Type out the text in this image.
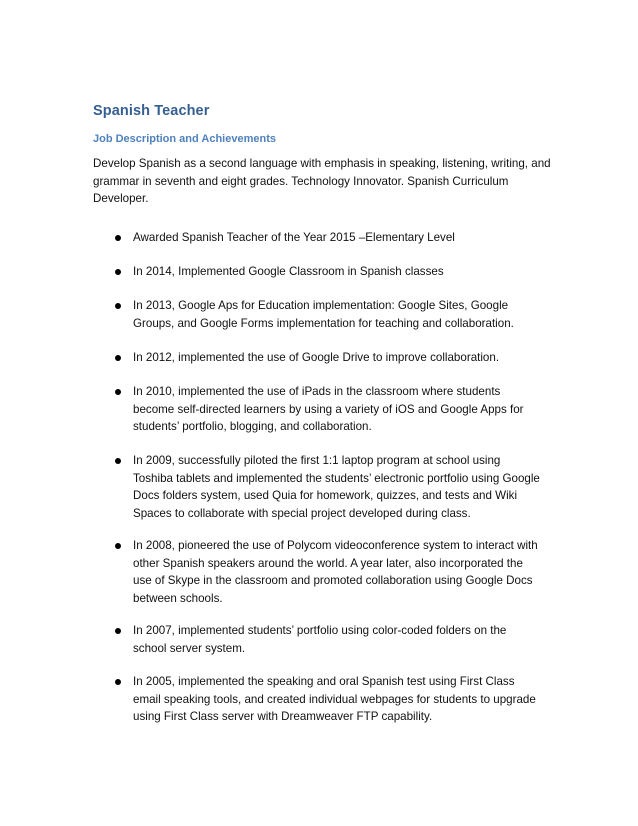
Spanish Teacher
Job Description and Achievements
Develop Spanish as a second language with emphasis in speaking, listening, writing, and grammar in seventh and eight grades. Technology Innovator. Spanish Curriculum Developer.
Awarded Spanish Teacher of the Year 2015 –Elementary Level
In 2014, Implemented Google Classroom in Spanish classes
In 2013, Google Aps for Education implementation: Google Sites, Google Groups, and Google Forms implementation for teaching and collaboration.
In 2012, implemented the use of Google Drive to improve collaboration.
In 2010, implemented the use of iPads in the classroom where students become self-directed learners by using a variety of iOS and Google Apps for students’ portfolio, blogging, and collaboration.
In 2009, successfully piloted the first 1:1 laptop program at school using Toshiba tablets and implemented the students’ electronic portfolio using Google Docs folders system, used Quia for homework, quizzes, and tests and Wiki Spaces to collaborate with special project developed during class.
In 2008, pioneered the use of Polycom videoconference system to interact with other Spanish speakers around the world. A year later, also incorporated the use of Skype in the classroom and promoted collaboration using Google Docs between schools.
In 2007, implemented students’ portfolio using color-coded folders on the school server system.
In 2005, implemented the speaking and oral Spanish test using First Class email speaking tools, and created individual webpages for students to upgrade using First Class server with Dreamweaver FTP capability.
